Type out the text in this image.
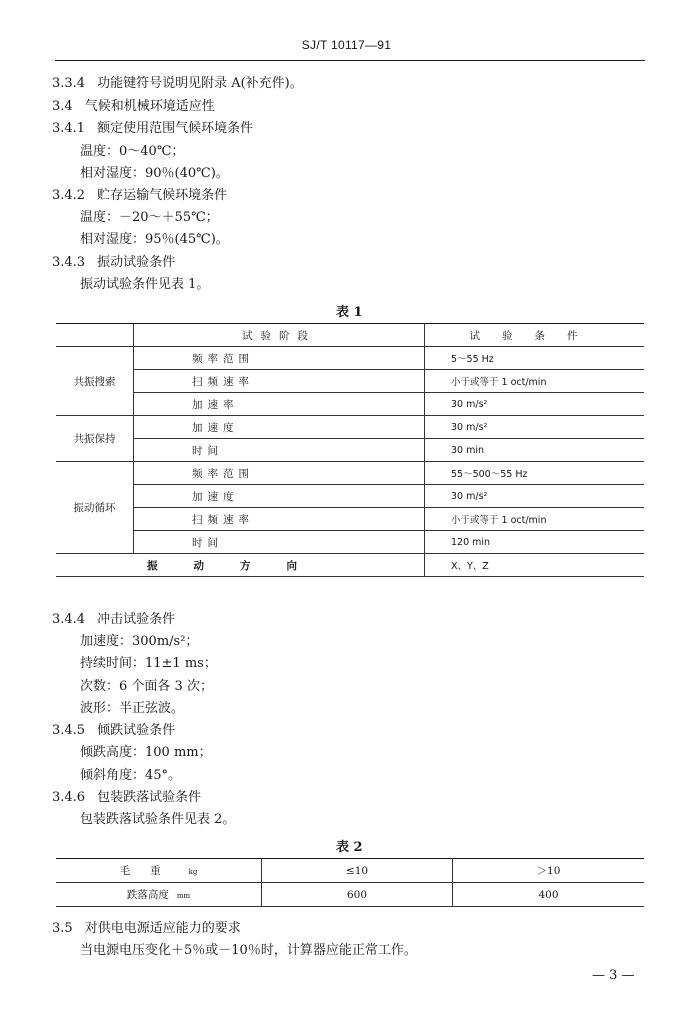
SJ/T 10117—91
3.3.4 功能键符号说明见附录 A(补充件)。
3.4 气候和机械环境适应性
3.4.1 额定使用范围气候环境条件
温度：0～40℃；
相对湿度：90％(40℃)。
3.4.2 贮存运输气候环境条件
温度：－20～＋55℃；
相对湿度：95％(45℃)。
3.4.3 振动试验条件
振动试验条件见表 1。
表 1
	试验阶段	试验条件
共振搜索	频率范围	5～55 Hz
	扫频速率	小于或等于 1 oct/min
	加速率	30 m/s²
共振保持	加速度	30 m/s²
	时间	30 min
振动循环	频率范围	55～500～55 Hz
	加速度	30 m/s²
	扫频速率	小于或等于 1 oct/min
	时间	120 min
振动方向		X、Y、Z
3.4.4 冲击试验条件
加速度：300m/s²；
持续时间：11±1 ms；
次数：6 个面各 3 次；
波形：半正弦波。
3.4.5 倾跌试验条件
倾跌高度：100 mm；
倾斜角度：45°。
3.4.6 包装跌落试验条件
包装跌落试验条件见表 2。
表 2
毛重 kg	≤10	＞10
跌落高度 mm	600	400
3.5 对供电电源适应能力的要求
当电源电压变化＋5％或－10％时，计算器应能正常工作。
— 3 —
